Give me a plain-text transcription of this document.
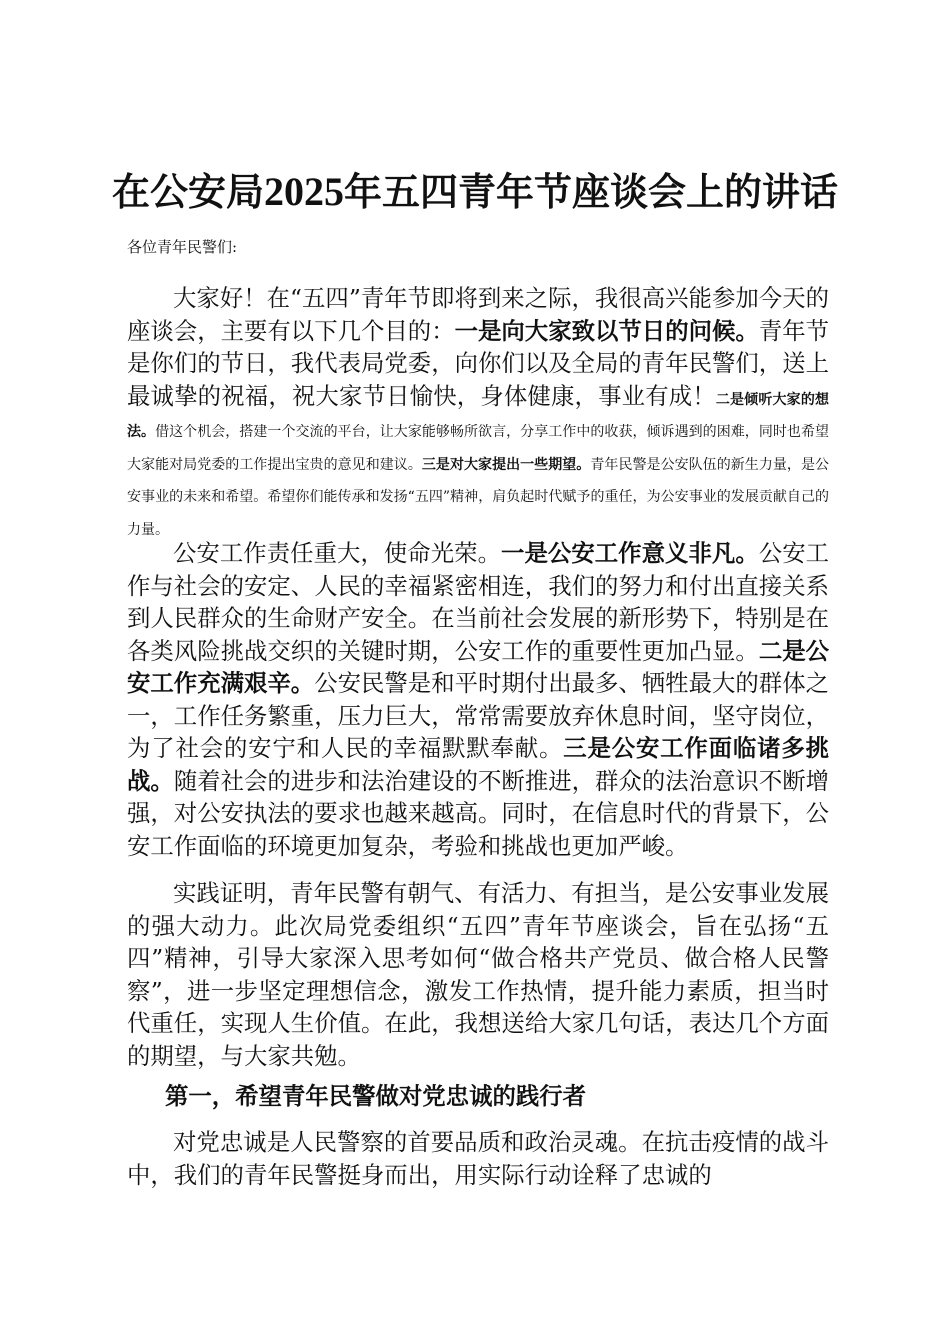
在公安局2025年五四青年节座谈会上的讲话
各位青年民警们:

大家好！在“五四”青年节即将到来之际，我很高兴能参加今天的座谈会，主要有以下几个目的：一是向大家致以节日的问候。青年节是你们的节日，我代表局党委，向你们以及全局的青年民警们，送上最诚挚的祝福，祝大家节日愉快，身体健康，事业有成！二是倾听大家的想法。借这个机会，搭建一个交流的平台，让大家能够畅所欲言，分享工作中的收获，倾诉遇到的困难，同时也希望大家能对局党委的工作提出宝贵的意见和建议。三是对大家提出一些期望。青年民警是公安队伍的新生力量，是公安事业的未来和希望。希望你们能传承和发扬“五四”精神，肩负起时代赋予的重任，为公安事业的发展贡献自己的力量。

公安工作责任重大，使命光荣。一是公安工作意义非凡。公安工作与社会的安定、人民的幸福紧密相连，我们的努力和付出直接关系到人民群众的生命财产安全。在当前社会发展的新形势下，特别是在各类风险挑战交织的关键时期，公安工作的重要性更加凸显。二是公安工作充满艰辛。公安民警是和平时期付出最多、牺牲最大的群体之一，工作任务繁重，压力巨大，常常需要放弃休息时间，坚守岗位，为了社会的安宁和人民的幸福默默奉献。三是公安工作面临诸多挑战。随着社会的进步和法治建设的不断推进，群众的法治意识不断增强，对公安执法的要求也越来越高。同时，在信息时代的背景下，公安工作面临的环境更加复杂，考验和挑战也更加严峻。

实践证明，青年民警有朝气、有活力、有担当，是公安事业发展的强大动力。此次局党委组织“五四”青年节座谈会，旨在弘扬“五四”精神，引导大家深入思考如何“做合格共产党员、做合格人民警察”，进一步坚定理想信念，激发工作热情，提升能力素质，担当时代重任，实现人生价值。在此，我想送给大家几句话，表达几个方面的期望，与大家共勉。

第一，希望青年民警做对党忠诚的践行者

对党忠诚是人民警察的首要品质和政治灵魂。在抗击疫情的战斗中，我们的青年民警挺身而出，用实际行动诠释了忠诚的
